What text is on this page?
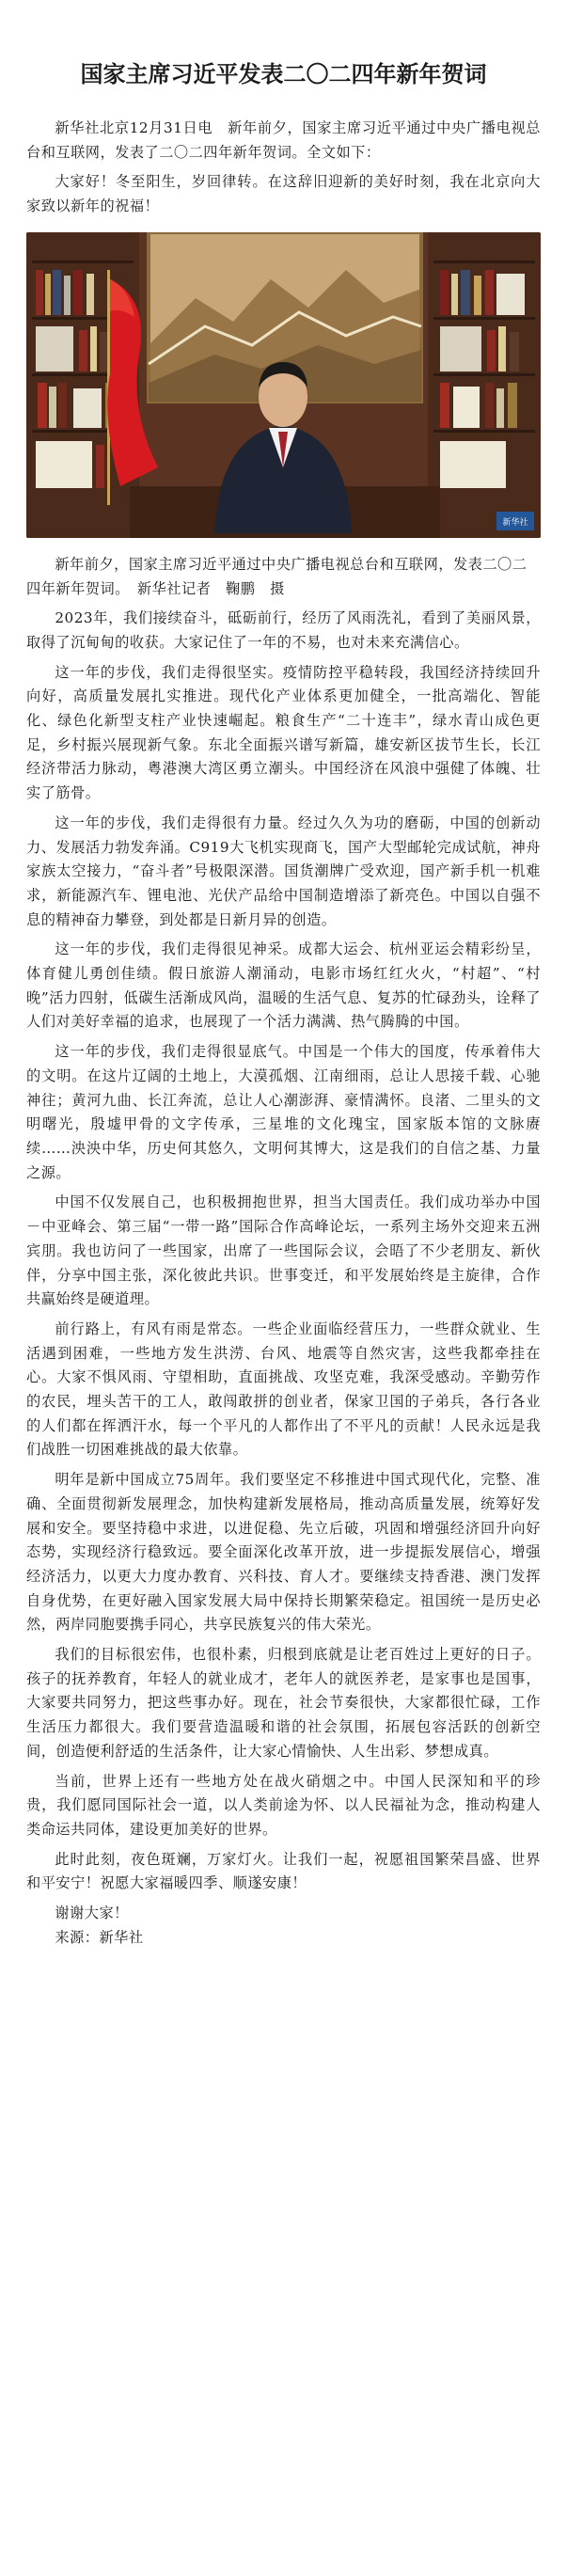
国家主席习近平发表二〇二四年新年贺词

新华社北京12月31日电　新年前夕，国家主席习近平通过中央广播电视总台和互联网，发表了二〇二四年新年贺词。全文如下：

大家好！冬至阳生，岁回律转。在这辞旧迎新的美好时刻，我在北京向大家致以新年的祝福！

新华社

新年前夕，国家主席习近平通过中央广播电视总台和互联网，发表二〇二四年新年贺词。　新华社记者　鞠鹏　摄

2023年，我们接续奋斗，砥砺前行，经历了风雨洗礼，看到了美丽风景，取得了沉甸甸的收获。大家记住了一年的不易，也对未来充满信心。

这一年的步伐，我们走得很坚实。疫情防控平稳转段，我国经济持续回升向好，高质量发展扎实推进。现代化产业体系更加健全，一批高端化、智能化、绿色化新型支柱产业快速崛起。粮食生产“二十连丰”，绿水青山成色更足，乡村振兴展现新气象。东北全面振兴谱写新篇，雄安新区拔节生长，长江经济带活力脉动，粤港澳大湾区勇立潮头。中国经济在风浪中强健了体魄、壮实了筋骨。

这一年的步伐，我们走得很有力量。经过久久为功的磨砺，中国的创新动力、发展活力勃发奔涌。C919大飞机实现商飞，国产大型邮轮完成试航，神舟家族太空接力，“奋斗者”号极限深潜。国货潮牌广受欢迎，国产新手机一机难求，新能源汽车、锂电池、光伏产品给中国制造增添了新亮色。中国以自强不息的精神奋力攀登，到处都是日新月异的创造。

这一年的步伐，我们走得很见神采。成都大运会、杭州亚运会精彩纷呈，体育健儿勇创佳绩。假日旅游人潮涌动，电影市场红红火火，“村超”、“村晚”活力四射，低碳生活渐成风尚，温暖的生活气息、复苏的忙碌劲头，诠释了人们对美好幸福的追求，也展现了一个活力满满、热气腾腾的中国。

这一年的步伐，我们走得很显底气。中国是一个伟大的国度，传承着伟大的文明。在这片辽阔的土地上，大漠孤烟、江南细雨，总让人思接千载、心驰神往；黄河九曲、长江奔流，总让人心潮澎湃、豪情满怀。良渚、二里头的文明曙光，殷墟甲骨的文字传承，三星堆的文化瑰宝，国家版本馆的文脉赓续……泱泱中华，历史何其悠久，文明何其博大，这是我们的自信之基、力量之源。

中国不仅发展自己，也积极拥抱世界，担当大国责任。我们成功举办中国－中亚峰会、第三届“一带一路”国际合作高峰论坛，一系列主场外交迎来五洲宾朋。我也访问了一些国家，出席了一些国际会议，会晤了不少老朋友、新伙伴，分享中国主张，深化彼此共识。世事变迁，和平发展始终是主旋律，合作共赢始终是硬道理。

前行路上，有风有雨是常态。一些企业面临经营压力，一些群众就业、生活遇到困难，一些地方发生洪涝、台风、地震等自然灾害，这些我都牵挂在心。大家不惧风雨、守望相助，直面挑战、攻坚克难，我深受感动。辛勤劳作的农民，埋头苦干的工人，敢闯敢拼的创业者，保家卫国的子弟兵，各行各业的人们都在挥洒汗水，每一个平凡的人都作出了不平凡的贡献！人民永远是我们战胜一切困难挑战的最大依靠。

明年是新中国成立75周年。我们要坚定不移推进中国式现代化，完整、准确、全面贯彻新发展理念，加快构建新发展格局，推动高质量发展，统筹好发展和安全。要坚持稳中求进，以进促稳、先立后破，巩固和增强经济回升向好态势，实现经济行稳致远。要全面深化改革开放，进一步提振发展信心，增强经济活力，以更大力度办教育、兴科技、育人才。要继续支持香港、澳门发挥自身优势，在更好融入国家发展大局中保持长期繁荣稳定。祖国统一是历史必然，两岸同胞要携手同心，共享民族复兴的伟大荣光。

我们的目标很宏伟，也很朴素，归根到底就是让老百姓过上更好的日子。孩子的抚养教育，年轻人的就业成才，老年人的就医养老，是家事也是国事，大家要共同努力，把这些事办好。现在，社会节奏很快，大家都很忙碌，工作生活压力都很大。我们要营造温暖和谐的社会氛围，拓展包容活跃的创新空间，创造便利舒适的生活条件，让大家心情愉快、人生出彩、梦想成真。

当前，世界上还有一些地方处在战火硝烟之中。中国人民深知和平的珍贵，我们愿同国际社会一道，以人类前途为怀、以人民福祉为念，推动构建人类命运共同体，建设更加美好的世界。

此时此刻，夜色斑斓，万家灯火。让我们一起，祝愿祖国繁荣昌盛、世界和平安宁！祝愿大家福暖四季、顺遂安康！

谢谢大家！

来源：新华社
